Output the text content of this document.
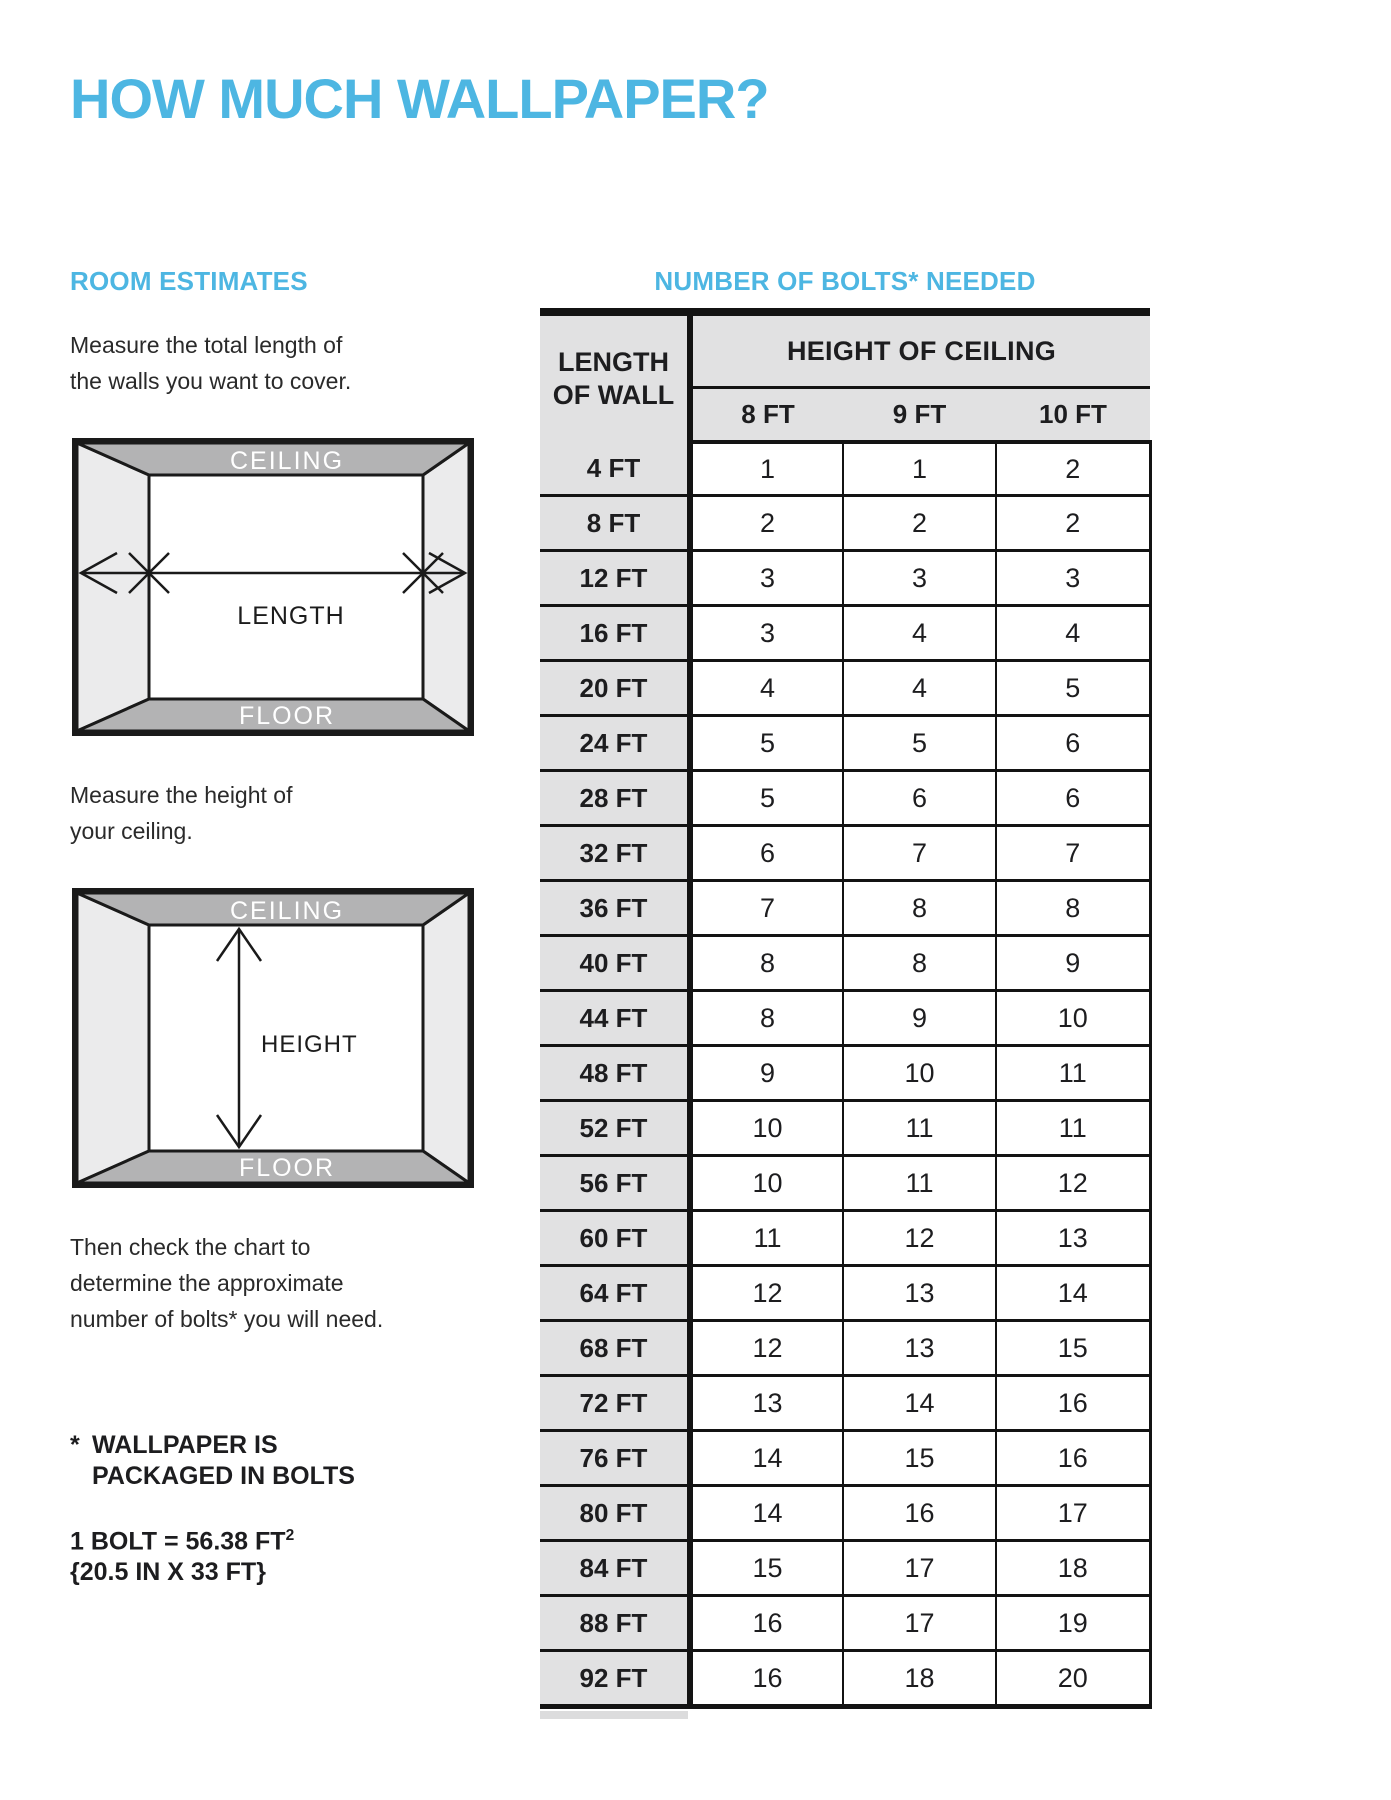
HOW MUCH WALLPAPER?
ROOM ESTIMATES
Measure the total length of
the walls you want to cover.
CEILING
LENGTH
FLOOR
Measure the height of
your ceiling.
CEILING
HEIGHT
FLOOR
Then check the chart to
determine the approximate
number of bolts* you will need.
* WALLPAPER IS
PACKAGED IN BOLTS
1 BOLT = 56.38 $FT^2$
{20.5 IN X 33 FT}
NUMBER OF BOLTS* NEEDED
LENGTH
OF WALL	HEIGHT OF CEILING		
	8 FT	9 FT	10 FT
4 FT	1	1	2
8 FT	2	2	2
12 FT	3	3	3
16 FT	3	4	4
20 FT	4	4	5
24 FT	5	5	6
28 FT	5	6	6
32 FT	6	7	7
36 FT	7	8	8
40 FT	8	8	9
44 FT	8	9	10
48 FT	9	10	11
52 FT	10	11	11
56 FT	10	11	12
60 FT	11	12	13
64 FT	12	13	14
68 FT	12	13	15
72 FT	13	14	16
76 FT	14	15	16
80 FT	14	16	17
84 FT	15	17	18
88 FT	16	17	19
92 FT	16	18	20
